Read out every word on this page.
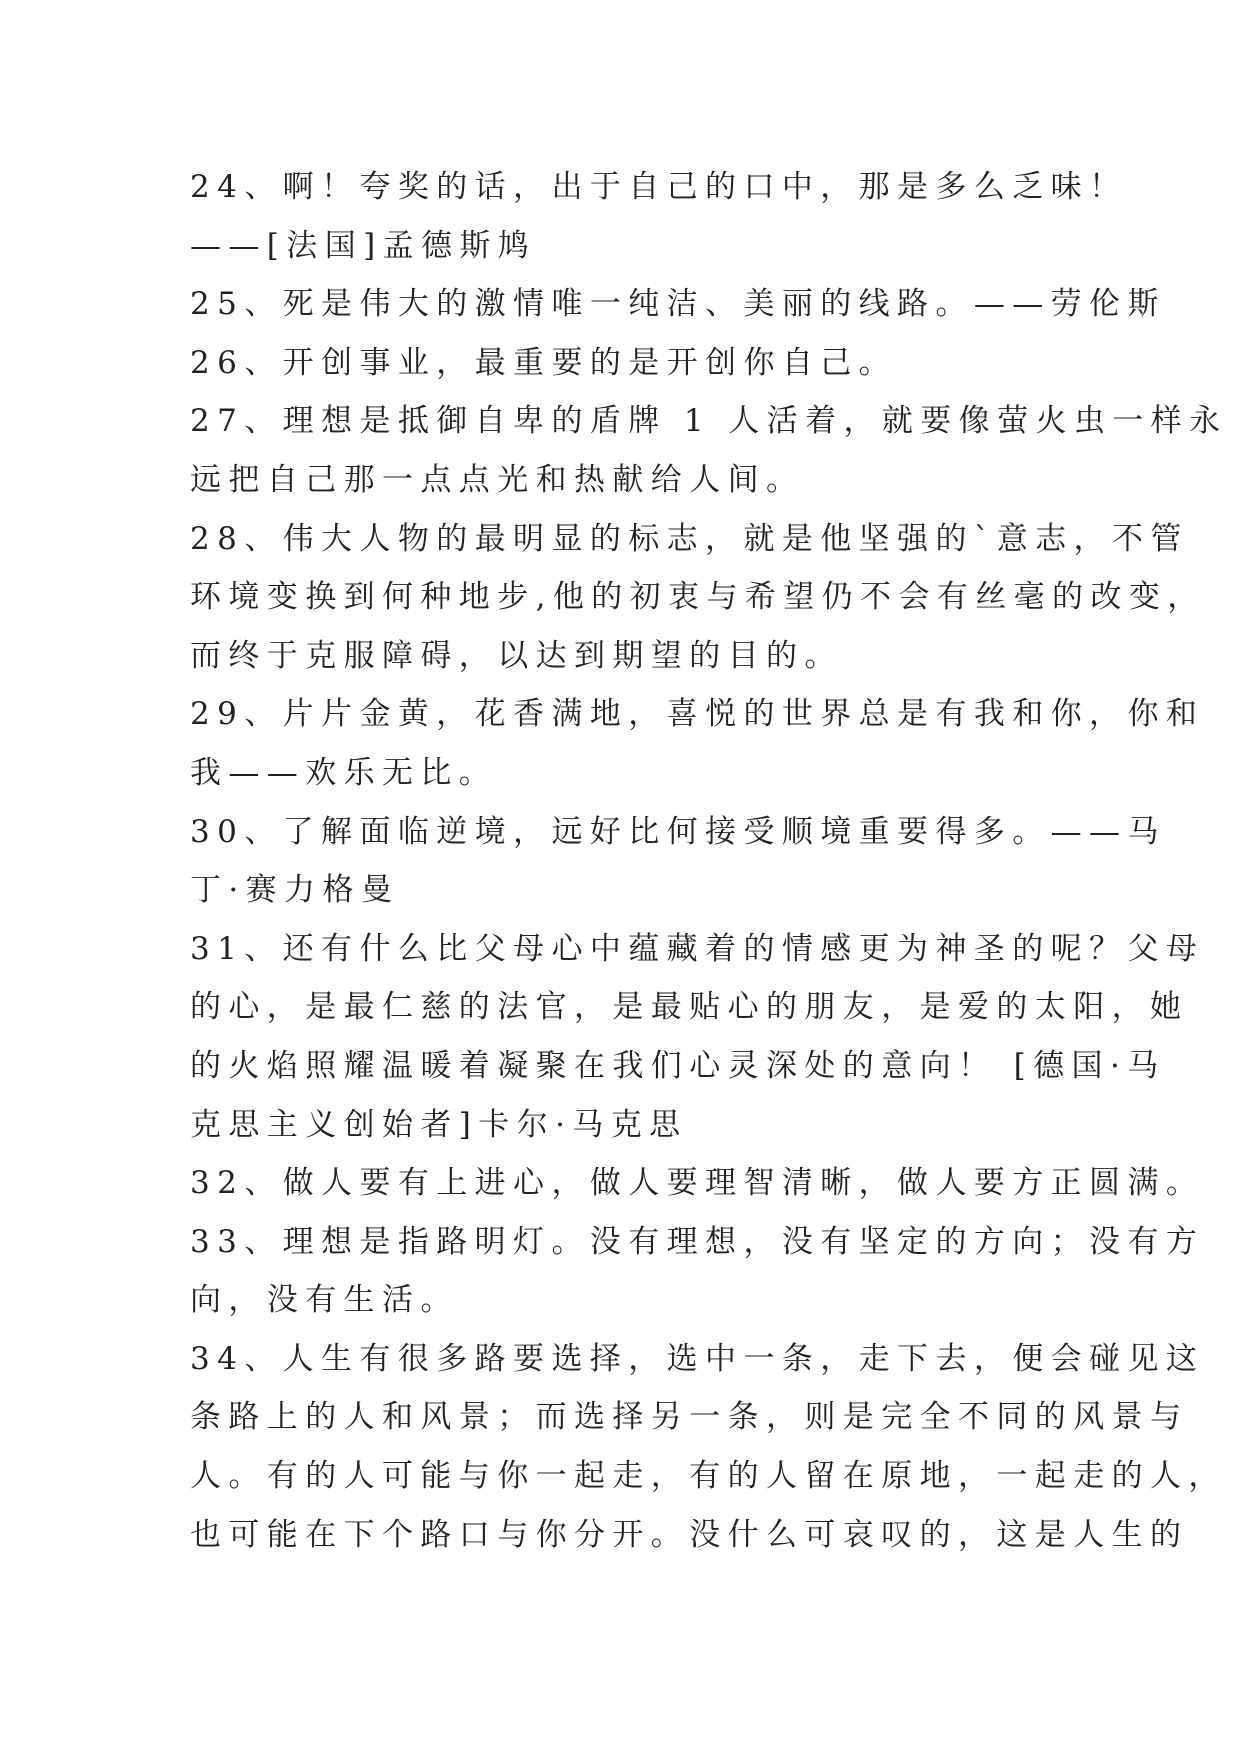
24、啊！夸奖的话，出于自己的口中，那是多么乏味！
——[法国]孟德斯鸠
25、死是伟大的激情唯一纯洁、美丽的线路。——劳伦斯
26、开创事业，最重要的是开创你自己。
27、理想是抵御自卑的盾牌 1 人活着，就要像萤火虫一样永
远把自己那一点点光和热献给人间。
28、伟大人物的最明显的标志，就是他坚强的`意志，不管
环境变换到何种地步,他的初衷与希望仍不会有丝毫的改变，
而终于克服障碍，以达到期望的目的。
29、片片金黄，花香满地，喜悦的世界总是有我和你，你和
我——欢乐无比。
30、了解面临逆境，远好比何接受顺境重要得多。——马
丁·赛力格曼
31、还有什么比父母心中蕴藏着的情感更为神圣的呢？父母
的心，是最仁慈的法官，是最贴心的朋友，是爱的太阳，她
的火焰照耀温暖着凝聚在我们心灵深处的意向！ [德国·马
克思主义创始者]卡尔·马克思
32、做人要有上进心，做人要理智清晰，做人要方正圆满。
33、理想是指路明灯。没有理想，没有坚定的方向；没有方
向，没有生活。
34、人生有很多路要选择，选中一条，走下去，便会碰见这
条路上的人和风景；而选择另一条，则是完全不同的风景与
人。有的人可能与你一起走，有的人留在原地，一起走的人，
也可能在下个路口与你分开。没什么可哀叹的，这是人生的
